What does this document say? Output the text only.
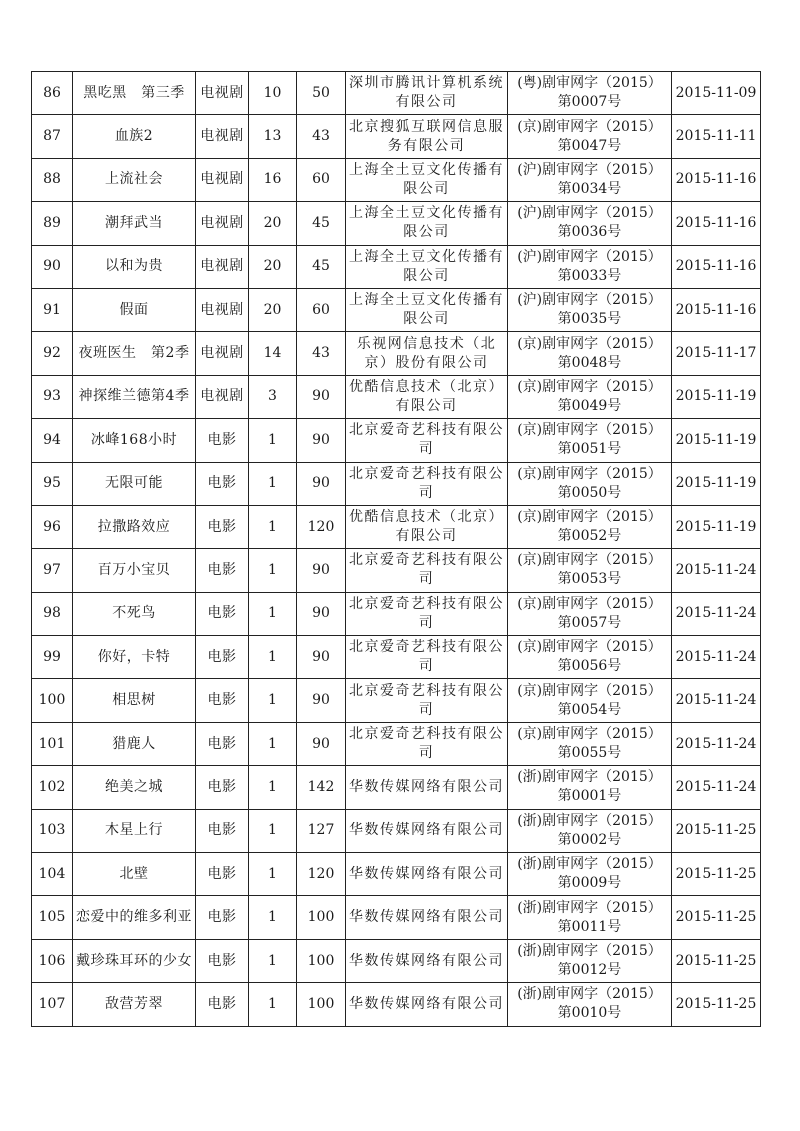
86	黑吃黑　第三季	电视剧	10	50	深圳市腾讯计算机系统有限公司	(粤)剧审网字（2015）第0007号	2015-11-09
87	血族2	电视剧	13	43	北京搜狐互联网信息服务有限公司	(京)剧审网字（2015）第0047号	2015-11-11
88	上流社会	电视剧	16	60	上海全土豆文化传播有限公司	(沪)剧审网字（2015）第0034号	2015-11-16
89	潮拜武当	电视剧	20	45	上海全土豆文化传播有限公司	(沪)剧审网字（2015）第0036号	2015-11-16
90	以和为贵	电视剧	20	45	上海全土豆文化传播有限公司	(沪)剧审网字（2015）第0033号	2015-11-16
91	假面	电视剧	20	60	上海全土豆文化传播有限公司	(沪)剧审网字（2015）第0035号	2015-11-16
92	夜班医生　第2季	电视剧	14	43	乐视网信息技术（北京）股份有限公司	(京)剧审网字（2015）第0048号	2015-11-17
93	神探维兰德第4季	电视剧	3	90	优酷信息技术（北京）有限公司	(京)剧审网字（2015）第0049号	2015-11-19
94	冰峰168小时	电影	1	90	北京爱奇艺科技有限公司	(京)剧审网字（2015）第0051号	2015-11-19
95	无限可能	电影	1	90	北京爱奇艺科技有限公司	(京)剧审网字（2015）第0050号	2015-11-19
96	拉撒路效应	电影	1	120	优酷信息技术（北京）有限公司	(京)剧审网字（2015）第0052号	2015-11-19
97	百万小宝贝	电影	1	90	北京爱奇艺科技有限公司	(京)剧审网字（2015）第0053号	2015-11-24
98	不死鸟	电影	1	90	北京爱奇艺科技有限公司	(京)剧审网字（2015）第0057号	2015-11-24
99	你好，卡特	电影	1	90	北京爱奇艺科技有限公司	(京)剧审网字（2015）第0056号	2015-11-24
100	相思树	电影	1	90	北京爱奇艺科技有限公司	(京)剧审网字（2015）第0054号	2015-11-24
101	猎鹿人	电影	1	90	北京爱奇艺科技有限公司	(京)剧审网字（2015）第0055号	2015-11-24
102	绝美之城	电影	1	142	华数传媒网络有限公司	(浙)剧审网字（2015）第0001号	2015-11-24
103	木星上行	电影	1	127	华数传媒网络有限公司	(浙)剧审网字（2015）第0002号	2015-11-25
104	北壁	电影	1	120	华数传媒网络有限公司	(浙)剧审网字（2015）第0009号	2015-11-25
105	恋爱中的维多利亚	电影	1	100	华数传媒网络有限公司	(浙)剧审网字（2015）第0011号	2015-11-25
106	戴珍珠耳环的少女	电影	1	100	华数传媒网络有限公司	(浙)剧审网字（2015）第0012号	2015-11-25
107	敌营芳翠	电影	1	100	华数传媒网络有限公司	(浙)剧审网字（2015）第0010号	2015-11-25
